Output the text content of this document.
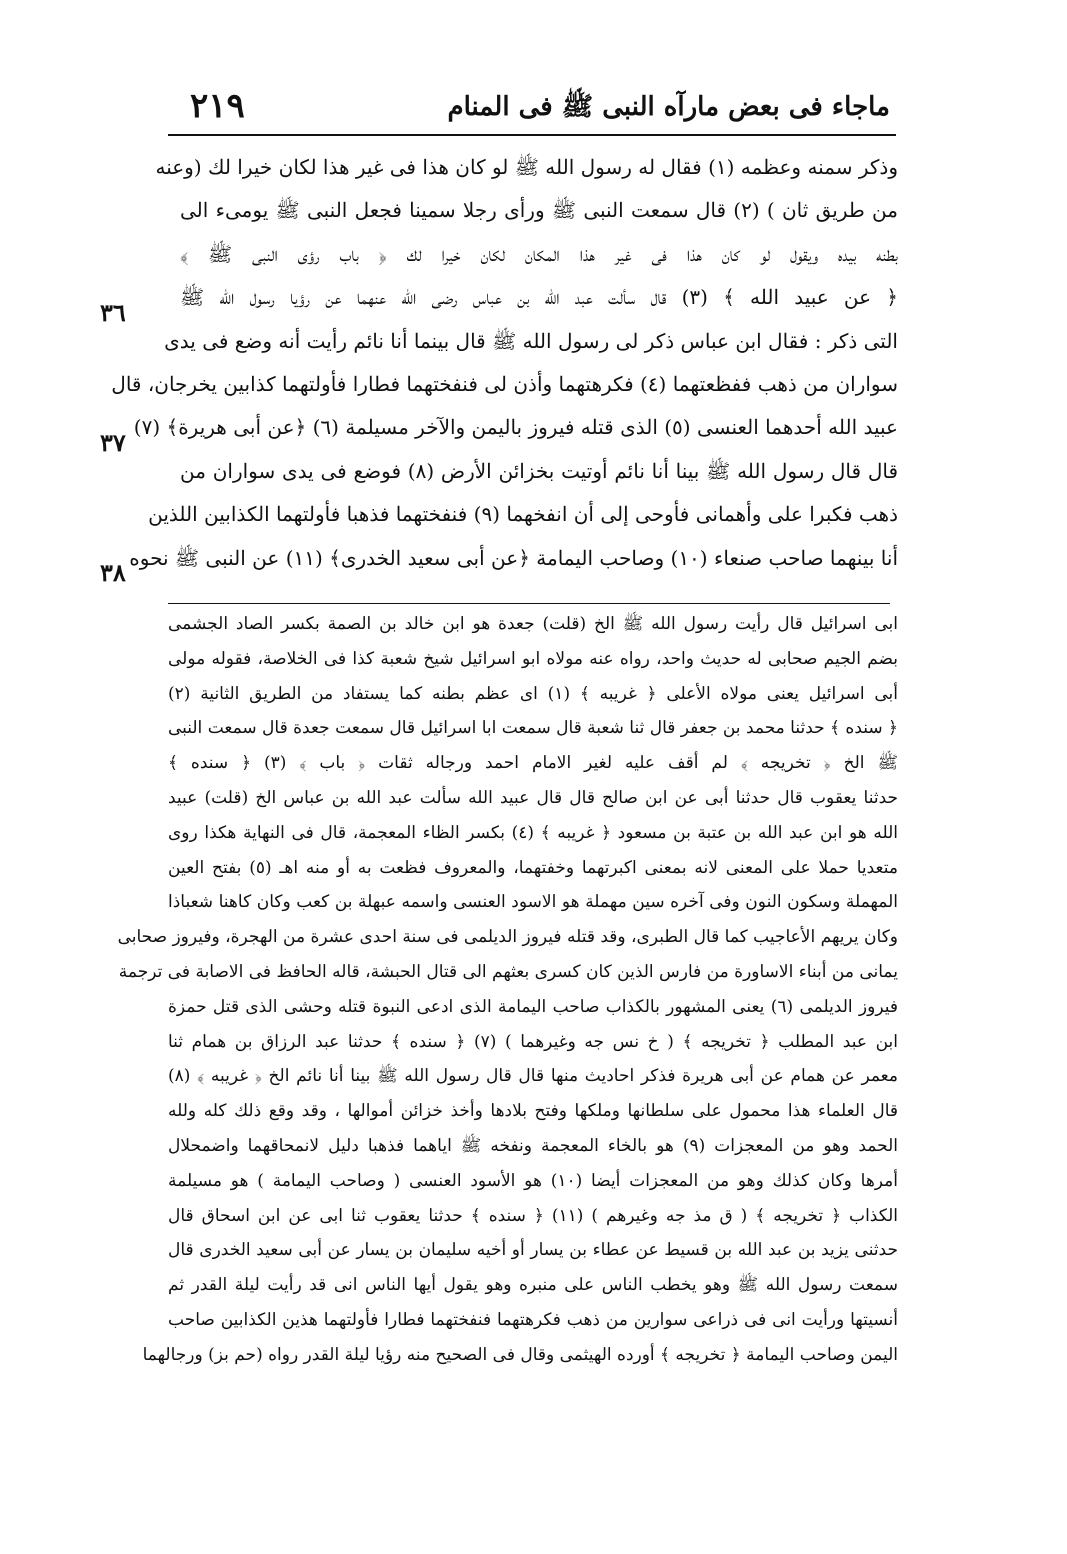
ماجاء فى بعض مارآه النبى ﷺ فى المنام
٢١٩
وذكر سمنه وعظمه (١) فقال له رسول الله ﷺ لو كان هذا فى غير هذا لكان خيرا لك (وعنه
من طريق ثان ) (٢) قال سمعت النبى ﷺ ورأى رجلا سمينا فجعل النبى ﷺ يومىء الى
بطنه بيده ويقول لو كان هذا فى غير هذا المكان لكان خيرا لك ﴿ باب رؤى النبى ﷺ ﴾
﴿ عن عبيد الله ﴾ (٣) قال سألت عبد الله بن عباس رضى الله عنهما عن رؤيا رسول الله ﷺ
التى ذكر : فقال ابن عباس ذكر لى رسول الله ﷺ قال بينما أنا نائم رأيت أنه وضع فى يدى
سواران من ذهب ففظعتهما (٤) فكرهتهما وأذن لى فنفختهما فطارا فأولتهما كذابين يخرجان، قال
عبيد الله أحدهما العنسى (٥) الذى قتله فيروز باليمن والآخر مسيلمة (٦) ﴿عن أبى هريرة﴾ (٧)
قال قال رسول الله ﷺ بينا أنا نائم أوتيت بخزائن الأرض (٨) فوضع فى يدى سواران من
ذهب فكبرا على وأهمانى فأوحى إلى أن انفخهما (٩) فنفختهما فذهبا فأولتهما الكذابين اللذين
أنا بينهما صاحب صنعاء (١٠) وصاحب اليمامة ﴿عن أبى سعيد الخدرى﴾ (١١) عن النبى ﷺ نحوه
٣٦
٣٧
٣٨
ابى اسرائيل قال رأيت رسول الله ﷺ الخ (قلت) جعدة هو ابن خالد بن الصمة بكسر الصاد الجشمى
بضم الجيم صحابى له حديث واحد، رواه عنه مولاه ابو اسرائيل شيخ شعبة كذا فى الخلاصة، فقوله مولى
أبى اسرائيل يعنى مولاه الأعلى ﴿ غريبه ﴾ (١) اى عظم بطنه كما يستفاد من الطريق الثانية (٢)
﴿ سنده ﴾ حدثنا محمد بن جعفر قال ثنا شعبة قال سمعت ابا اسرائيل قال سمعت جعدة قال سمعت النبى
ﷺ الخ ﴿ تخريجه ﴾ لم أقف عليه لغير الامام احمد ورجاله ثقات ﴿ باب ﴾ (٣) ﴿ سنده ﴾
حدثنا يعقوب قال حدثنا أبى عن ابن صالح قال قال عبيد الله سألت عبد الله بن عباس الخ (قلت) عبيد
الله هو ابن عبد الله بن عتبة بن مسعود ﴿ غريبه ﴾ (٤) بكسر الظاء المعجمة، قال فى النهاية هكذا روى
متعديا حملا على المعنى لانه بمعنى اكبرتهما وخفتهما، والمعروف فظعت به أو منه اهـ (٥) بفتح العين
المهملة وسكون النون وفى آخره سين مهملة هو الاسود العنسى واسمه عبهلة بن كعب وكان كاهنا شعباذا
وكان يريهم الأعاجيب كما قال الطبرى، وقد قتله فيروز الديلمى فى سنة احدى عشرة من الهجرة، وفيروز صحابى
يمانى من أبناء الاساورة من فارس الذين كان كسرى بعثهم الى قتال الحبشة، قاله الحافظ فى الاصابة فى ترجمة
فيروز الديلمى (٦) يعنى المشهور بالكذاب صاحب اليمامة الذى ادعى النبوة قتله وحشى الذى قتل حمزة
ابن عبد المطلب ﴿ تخريجه ﴾ ( خ نس جه وغيرهما ) (٧) ﴿ سنده ﴾ حدثنا عبد الرزاق بن همام ثنا
معمر عن همام عن أبى هريرة فذكر احاديث منها قال قال رسول الله ﷺ بينا أنا نائم الخ ﴿ غريبه ﴾ (٨)
قال العلماء هذا محمول على سلطانها وملكها وفتح بلادها وأخذ خزائن أموالها ، وقد وقع ذلك كله ولله
الحمد وهو من المعجزات (٩) هو بالخاء المعجمة ونفخه ﷺ اياهما فذهبا دليل لانمحاقهما واضمحلال
أمرها وكان كذلك وهو من المعجزات أيضا (١٠) هو الأسود العنسى ( وصاحب اليمامة ) هو مسيلمة
الكذاب ﴿ تخريجه ﴾ ( ق مذ جه وغيرهم ) (١١) ﴿ سنده ﴾ حدثنا يعقوب ثنا ابى عن ابن اسحاق قال
حدثنى يزيد بن عبد الله بن قسيط عن عطاء بن يسار أو أخيه سليمان بن يسار عن أبى سعيد الخدرى قال
سمعت رسول الله ﷺ وهو يخطب الناس على منبره وهو يقول أيها الناس انى قد رأيت ليلة القدر ثم
أنسيتها ورأيت انى فى ذراعى سوارين من ذهب فكرهتهما فنفختهما فطارا فأولتهما هذين الكذابين صاحب
اليمن وصاحب اليمامة ﴿ تخريجه ﴾ أورده الهيثمى وقال فى الصحيح منه رؤيا ليلة القدر رواه (حم بز) ورجالهما
